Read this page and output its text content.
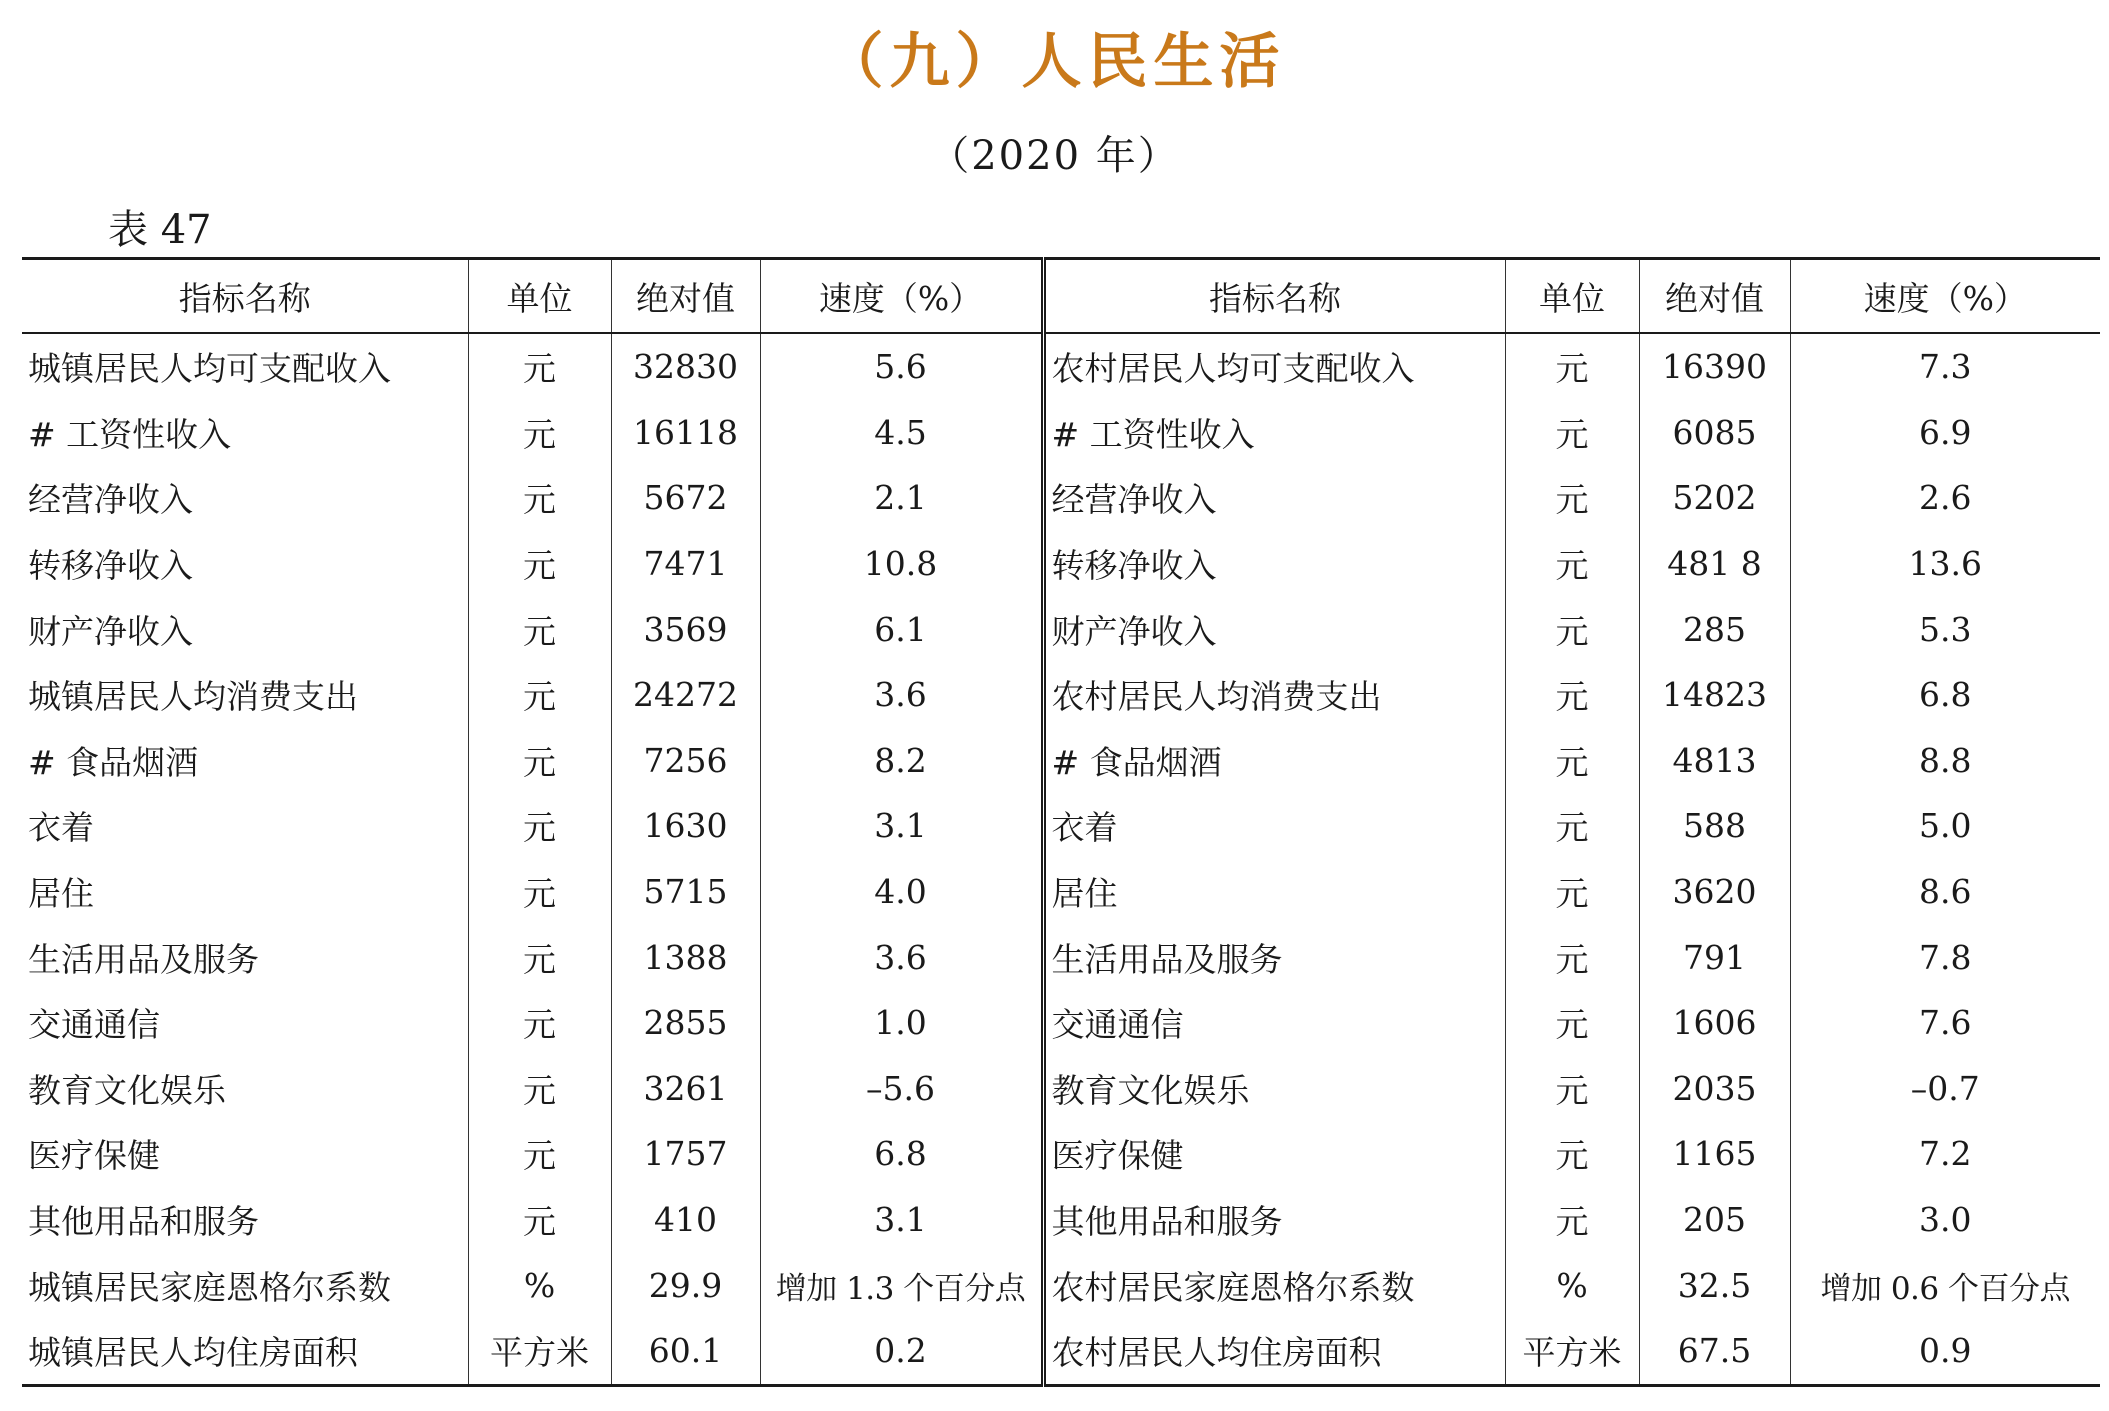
（九）人民生活
（2020 年）
表 47
指标名称	单位	绝对值	速度（%）	指标名称	单位	绝对值	速度（%）
城镇居民人均可支配收入	元	32830	5.6	农村居民人均可支配收入	元	16390	7.3
# 工资性收入	元	16118	4.5	# 工资性收入	元	6085	6.9
经营净收入	元	5672	2.1	经营净收入	元	5202	2.6
转移净收入	元	7471	10.8	转移净收入	元	481 8	13.6
财产净收入	元	3569	6.1	财产净收入	元	285	5.3
城镇居民人均消费支出	元	24272	3.6	农村居民人均消费支出	元	14823	6.8
# 食品烟酒	元	7256	8.2	# 食品烟酒	元	4813	8.8
衣着	元	1630	3.1	衣着	元	588	5.0
居住	元	5715	4.0	居住	元	3620	8.6
生活用品及服务	元	1388	3.6	生活用品及服务	元	791	7.8
交通通信	元	2855	1.0	交通通信	元	1606	7.6
教育文化娱乐	元	3261	–5.6	教育文化娱乐	元	2035	–0.7
医疗保健	元	1757	6.8	医疗保健	元	1165	7.2
其他用品和服务	元	410	3.1	其他用品和服务	元	205	3.0
城镇居民家庭恩格尔系数	%	29.9	增加 1.3 个百分点	农村居民家庭恩格尔系数	%	32.5	增加 0.6 个百分点
城镇居民人均住房面积	平方米	60.1	0.2	农村居民人均住房面积	平方米	67.5	0.9
